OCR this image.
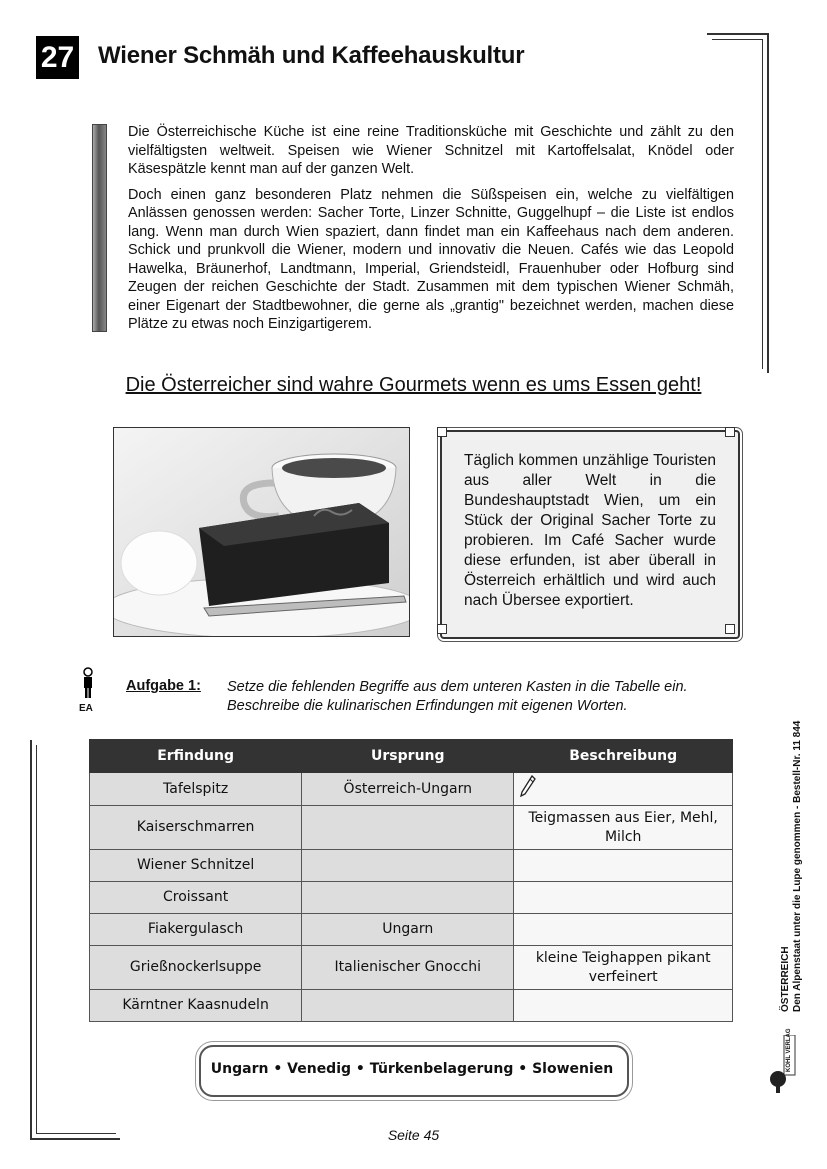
27 Wiener Schmäh und Kaffeehauskultur

Die Österreichische Küche ist eine reine Traditionsküche mit Geschichte und zählt zu den vielfältigsten weltweit. Speisen wie Wiener Schnitzel mit Kartoffelsalat, Knödel oder Käsespätzle kennt man auf der ganzen Welt.

Doch einen ganz besonderen Platz nehmen die Süßspeisen ein, welche zu vielfältigen Anlässen genossen werden: Sacher Torte, Linzer Schnitte, Guggelhupf – die Liste ist endlos lang. Wenn man durch Wien spaziert, dann findet man ein Kaffeehaus nach dem anderen. Schick und prunkvoll die Wiener, modern und innovativ die Neuen. Cafés wie das Leopold Hawelka, Bräunerhof, Landtmann, Imperial, Griendsteidl, Frauenhuber oder Hofburg sind Zeugen der reichen Geschichte der Stadt. Zusammen mit dem typischen Wiener Schmäh, einer Eigenart der Stadtbewohner, die gerne als „grantig" bezeichnet werden, machen diese Plätze zu etwas noch Einzigartigerem.

Die Österreicher sind wahre Gourmets wenn es ums Essen geht!
Täglich kommen unzählige Touristen aus aller Welt in die Bundeshauptstadt Wien, um ein Stück der Original Sacher Torte zu probieren. Im Café Sacher wurde diese erfunden, ist aber überall in Österreich erhältlich und wird auch nach Übersee exportiert.
EA
Aufgabe 1: Setze die fehlenden Begriffe aus dem unteren Kasten in die Tabelle ein.
Beschreibe die kulinarischen Erfindungen mit eigenen Worten.
Erfindung	Ursprung	Beschreibung
Tafelspitz	Österreich-Ungarn	
Kaiserschmarren		Teigmassen aus Eier, Mehl, Milch
Wiener Schnitzel		
Croissant		
Fiakergulasch	Ungarn	
Grießnockerlsuppe	Italienischer Gnocchi	kleine Teighappen pikant verfeinert
Kärntner Kaasnudeln		
Ungarn • Venedig • Türkenbelagerung • Slowenien
ÖSTERREICH Den Alpenstaat unter die Lupe genommen - Bestell-Nr. 11 844
KOHL VERLAG
Seite 45
